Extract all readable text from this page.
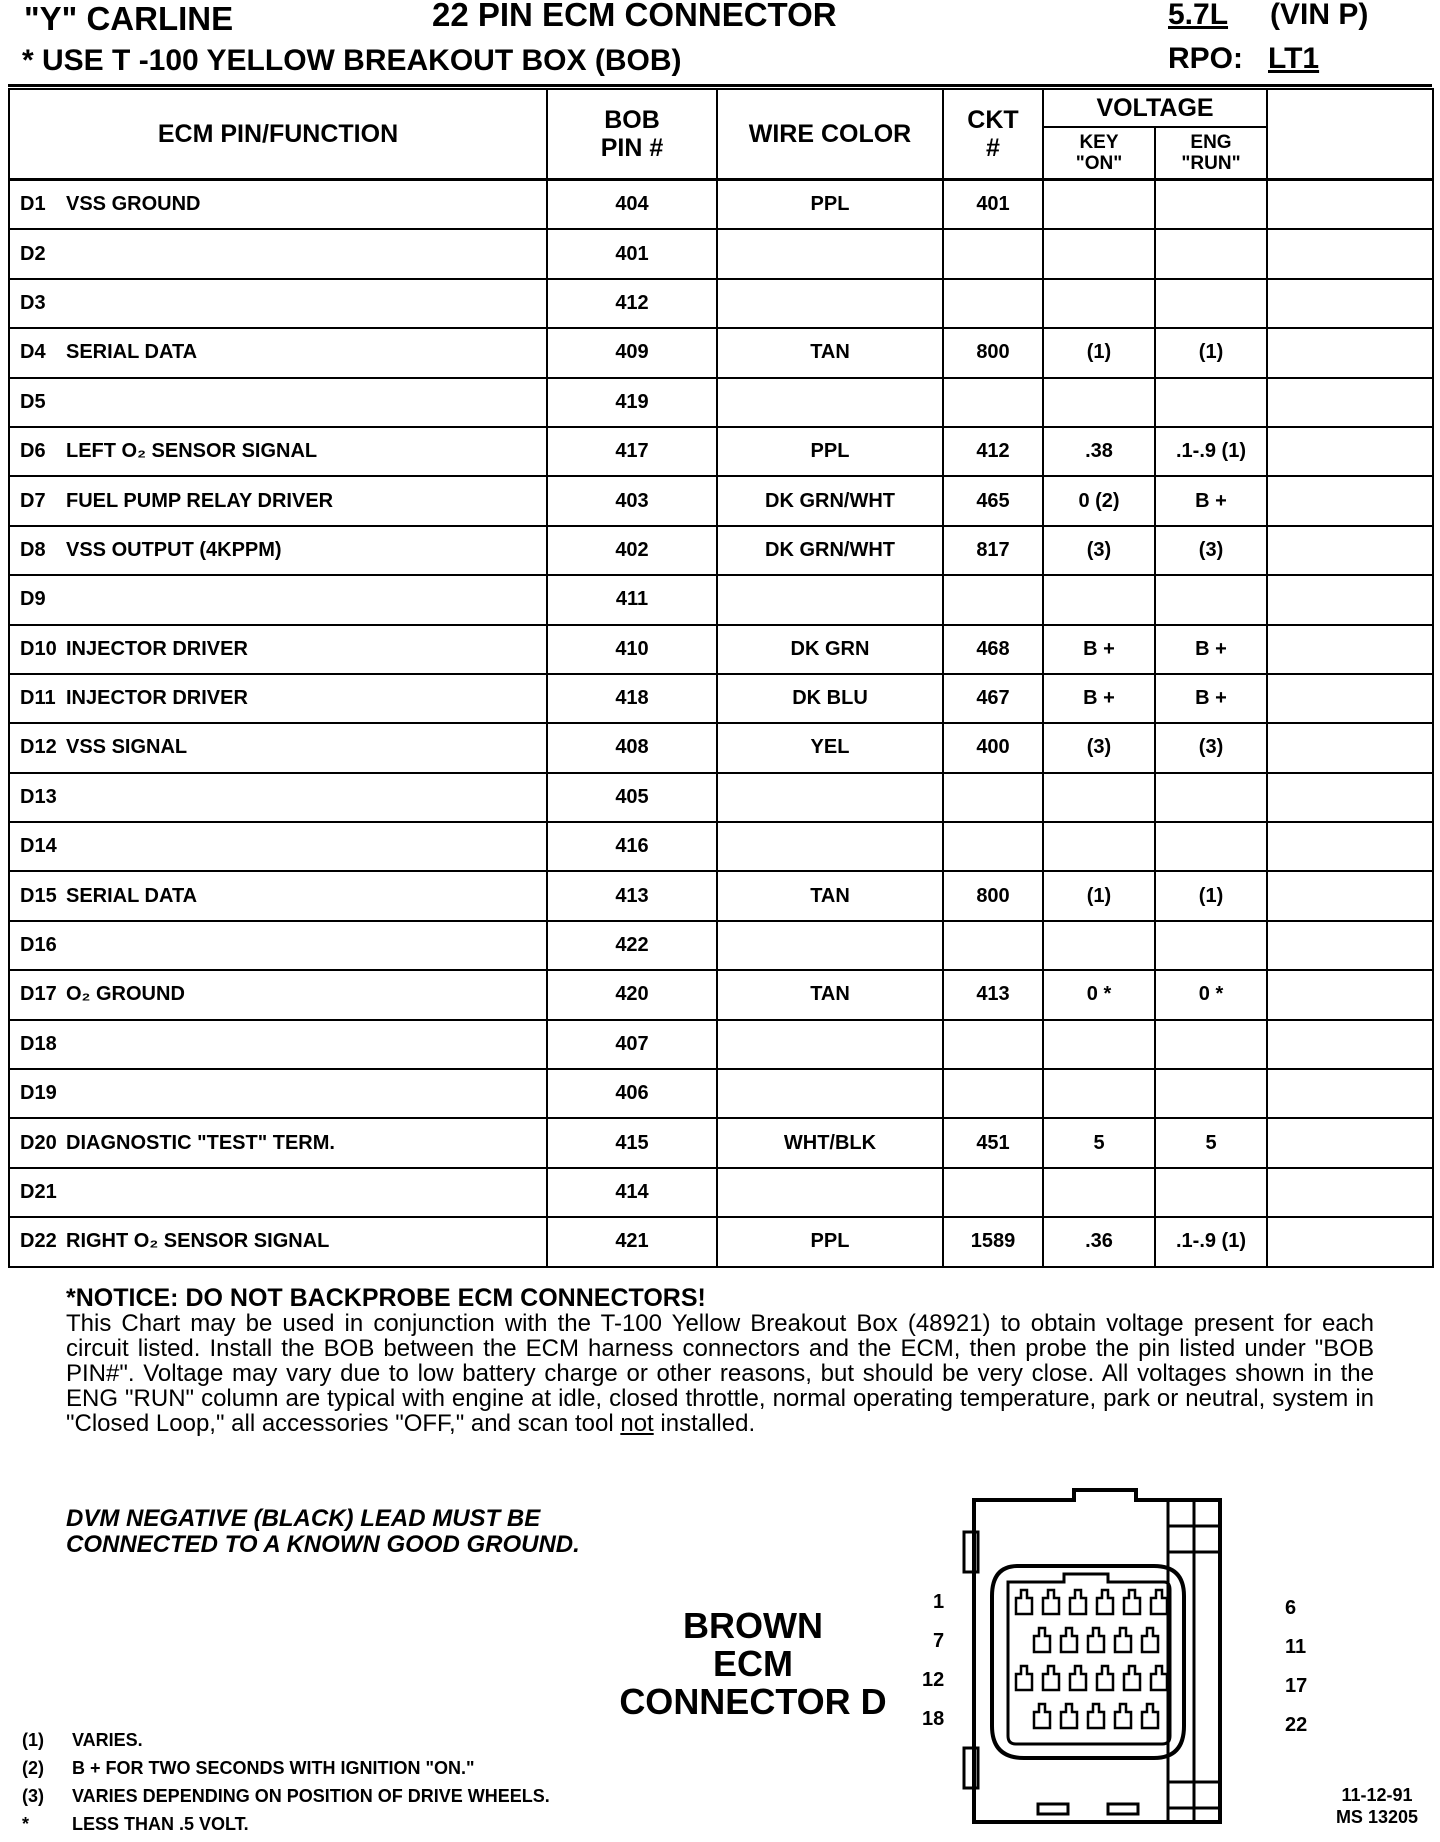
"Y" CARLINE	22 PIN ECM CONNECTOR	5.7L (VIN P)
* USE T -100 YELLOW BREAKOUT BOX (BOB)	RPO: LT1
ECM PIN/FUNCTION	BOB PIN #	WIRE COLOR	CKT #	VOLTAGE		
				KEY "ON"	ENG "RUN"	
D1 VSS GROUND	404	PPL	401			
D2	401					
D3	412					
D4 SERIAL DATA	409	TAN	800	(1)	(1)	
D5	419					
D6 LEFT O₂ SENSOR SIGNAL	417	PPL	412	.38	.1-.9 (1)	
D7 FUEL PUMP RELAY DRIVER	403	DK GRN/WHT	465	0 (2)	B +	
D8 VSS OUTPUT (4KPPM)	402	DK GRN/WHT	817	(3)	(3)	
D9	411					
D10 INJECTOR DRIVER	410	DK GRN	468	B +	B +	
D11 INJECTOR DRIVER	418	DK BLU	467	B +	B +	
D12 VSS SIGNAL	408	YEL	400	(3)	(3)	
D13	405					
D14	416					
D15 SERIAL DATA	413	TAN	800	(1)	(1)	
D16	422					
D17 O₂ GROUND	420	TAN	413	0 *	0 *	
D18	407					
D19	406					
D20 DIAGNOSTIC "TEST" TERM.	415	WHT/BLK	451	5	5	
D21	414					
D22 RIGHT O₂ SENSOR SIGNAL	421	PPL	1589	.36	.1-.9 (1)	
*NOTICE: DO NOT BACKPROBE ECM CONNECTORS!
This Chart may be used in conjunction with the T-100 Yellow Breakout Box (48921) to obtain voltage present for each circuit listed. Install the BOB between the ECM harness connectors and the ECM, then probe the pin listed under "BOB PIN#". Voltage may vary due to low battery charge or other reasons, but should be very close. All voltages shown in the ENG "RUN" column are typical with engine at idle, closed throttle, normal operating temperature, park or neutral, system in "Closed Loop," all accessories "OFF," and scan tool not installed.
DVM NEGATIVE (BLACK) LEAD MUST BE
CONNECTED TO A KNOWN GOOD GROUND.
BROWN
ECM
CONNECTOR D
1
7
12
18
6
11
17
22
(1) VARIES.
(2) B + FOR TWO SECONDS WITH IGNITION "ON."
(3) VARIES DEPENDING ON POSITION OF DRIVE WHEELS.
* LESS THAN .5 VOLT.
11-12-91
MS 13205
